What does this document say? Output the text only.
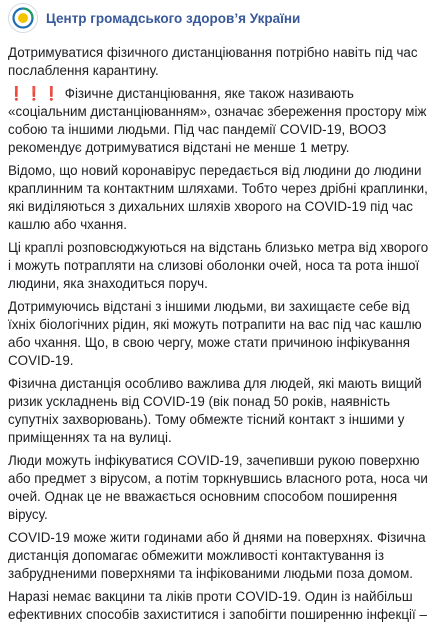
Центр громадського здоров’я України

Дотримуватися фізичного дистанціювання потрібно навіть під час послаблення карантину.

❗❗❗ Фізичне дистанціювання, яке також називають «соціальним дистанціюванням», означає збереження простору між собою та іншими людьми. Під час пандемії COVID-19, ВООЗ рекомендує дотримуватися відстані не менше 1 метру.

Відомо, що новий коронавірус передається від людини до людини краплинним та контактним шляхами. Тобто через дрібні краплинки, які виділяються з дихальних шляхів хворого на COVID-19 під час кашлю або чхання.

Ці краплі розповсюджуються на відстань близько метра від хворого і можуть потрапляти на слизові оболонки очей, носа та рота іншої людини, яка знаходиться поруч.

Дотримуючись відстані з іншими людьми, ви захищаєте себе від їхніх біологічних рідин, які можуть потрапити на вас під час кашлю або чхання. Що, в свою чергу, може стати причиною інфікування COVID-19.

Фізична дистанція особливо важлива для людей, які мають вищий ризик ускладнень від COVID-19 (вік понад 50 років, наявність супутніх захворювань). Тому обмежте тісний контакт з іншими у приміщеннях та на вулиці.

Люди можуть інфікуватися COVID-19, зачепивши рукою поверхню або предмет з вірусом, а потім торкнувшись власного рота, носа чи очей. Однак це не вважається основним способом поширення вірусу.

COVID-19 може жити годинами або й днями на поверхнях. Фізична дистанція допомагає обмежити можливості контактування із забрудненими поверхнями та інфікованими людьми поза домом.

Наразі немає вакцини та ліків проти COVID-19. Один із найбільш ефективних способів захиститися і запобігти поширенню інфекції –
